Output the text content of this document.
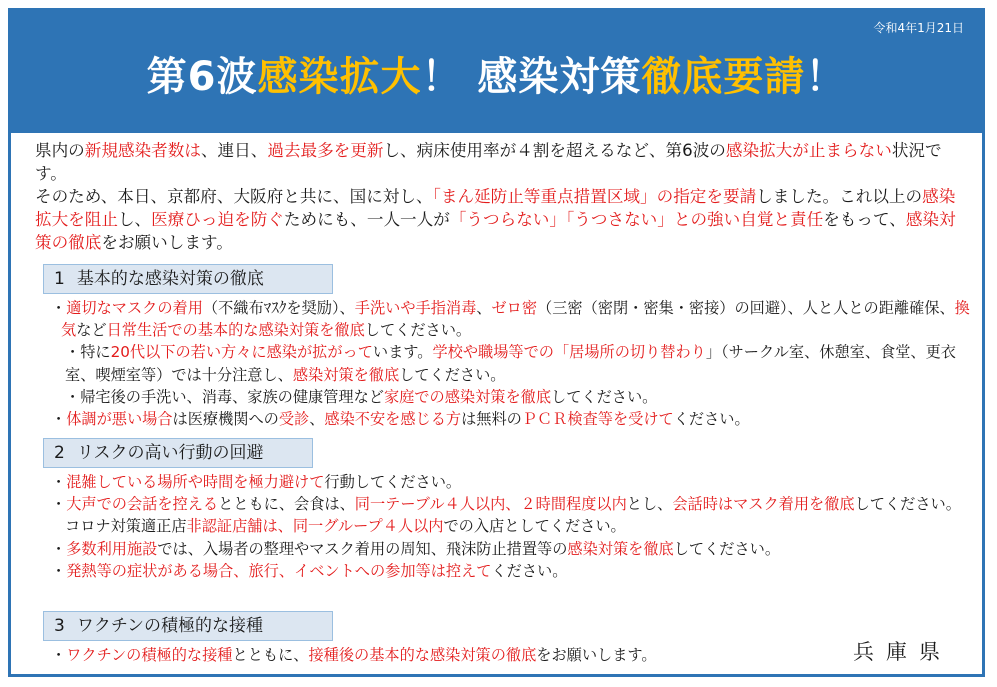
令和4年1月21日
第6波感染拡大！ 感染対策徹底要請！
県内の新規感染者数は、連日、過去最多を更新し、病床使用率が４割を超えるなど、第6波の感染拡大が止まらない状況です。
そのため、本日、京都府、大阪府と共に、国に対し、「まん延防止等重点措置区域」の指定を要請しました。これ以上の感染拡大を阻止し、医療ひっ迫を防ぐためにも、一人一人が「うつらない」「うつさない」との強い自覚と責任をもって、感染対策の徹底をお願いします。
1 基本的な感染対策の徹底
・適切なマスクの着用（不織布ﾏｽｸを奨励）、手洗いや手指消毒、ゼロ密（三密（密閉・密集・密接）の回避）、人と人との距離確保、換気など日常生活での基本的な感染対策を徹底してください。
・特に20代以下の若い方々に感染が拡がっています。学校や職場等での「居場所の切り替わり」（サークル室、休憩室、食堂、更衣室、喫煙室等）では十分注意し、感染対策を徹底してください。
・帰宅後の手洗い、消毒、家族の健康管理など家庭での感染対策を徹底してください。
・体調が悪い場合は医療機関への受診、感染不安を感じる方は無料のＰＣＲ検査等を受けてください。
2 リスクの高い行動の回避
・混雑している場所や時間を極力避けて行動してください。
・大声での会話を控えるとともに、会食は、同一テーブル４人以内、２時間程度以内とし、会話時はマスク着用を徹底してください。
コロナ対策適正店非認証店舗は、同一グループ４人以内での入店としてください。
・多数利用施設では、入場者の整理やマスク着用の周知、飛沫防止措置等の感染対策を徹底してください。
・発熱等の症状がある場合、旅行、イベントへの参加等は控えてください。
3 ワクチンの積極的な接種
・ワクチンの積極的な接種とともに、接種後の基本的な感染対策の徹底をお願いします。	兵庫県
